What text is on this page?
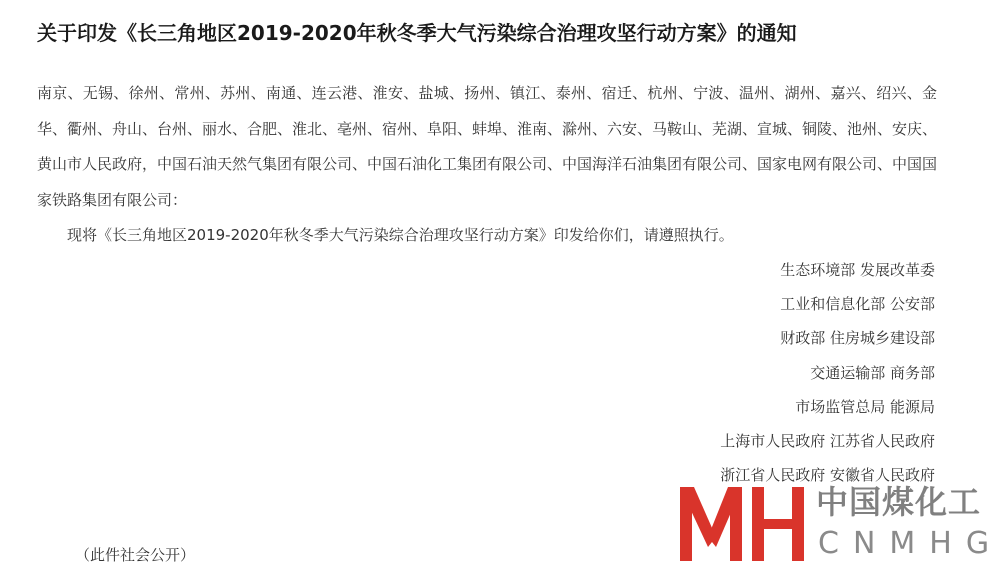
关于印发《长三角地区2019-2020年秋冬季大气污染综合治理攻坚行动方案》的通知
南京、无锡、徐州、常州、苏州、南通、连云港、淮安、盐城、扬州、镇江、泰州、宿迁、杭州、宁波、温州、湖州、嘉兴、绍兴、金华、衢州、舟山、台州、丽水、合肥、淮北、亳州、宿州、阜阳、蚌埠、淮南、滁州、六安、马鞍山、芜湖、宣城、铜陵、池州、安庆、黄山市人民政府，中国石油天然气集团有限公司、中国石油化工集团有限公司、中国海洋石油集团有限公司、国家电网有限公司、中国国家铁路集团有限公司：
现将《长三角地区2019-2020年秋冬季大气污染综合治理攻坚行动方案》印发给你们，请遵照执行。
生态环境部 发展改革委
工业和信息化部 公安部
财政部 住房城乡建设部
交通运输部 商务部
市场监管总局 能源局
上海市人民政府 江苏省人民政府
浙江省人民政府 安徽省人民政府
（此件社会公开）
中国煤化工
CNMHG
